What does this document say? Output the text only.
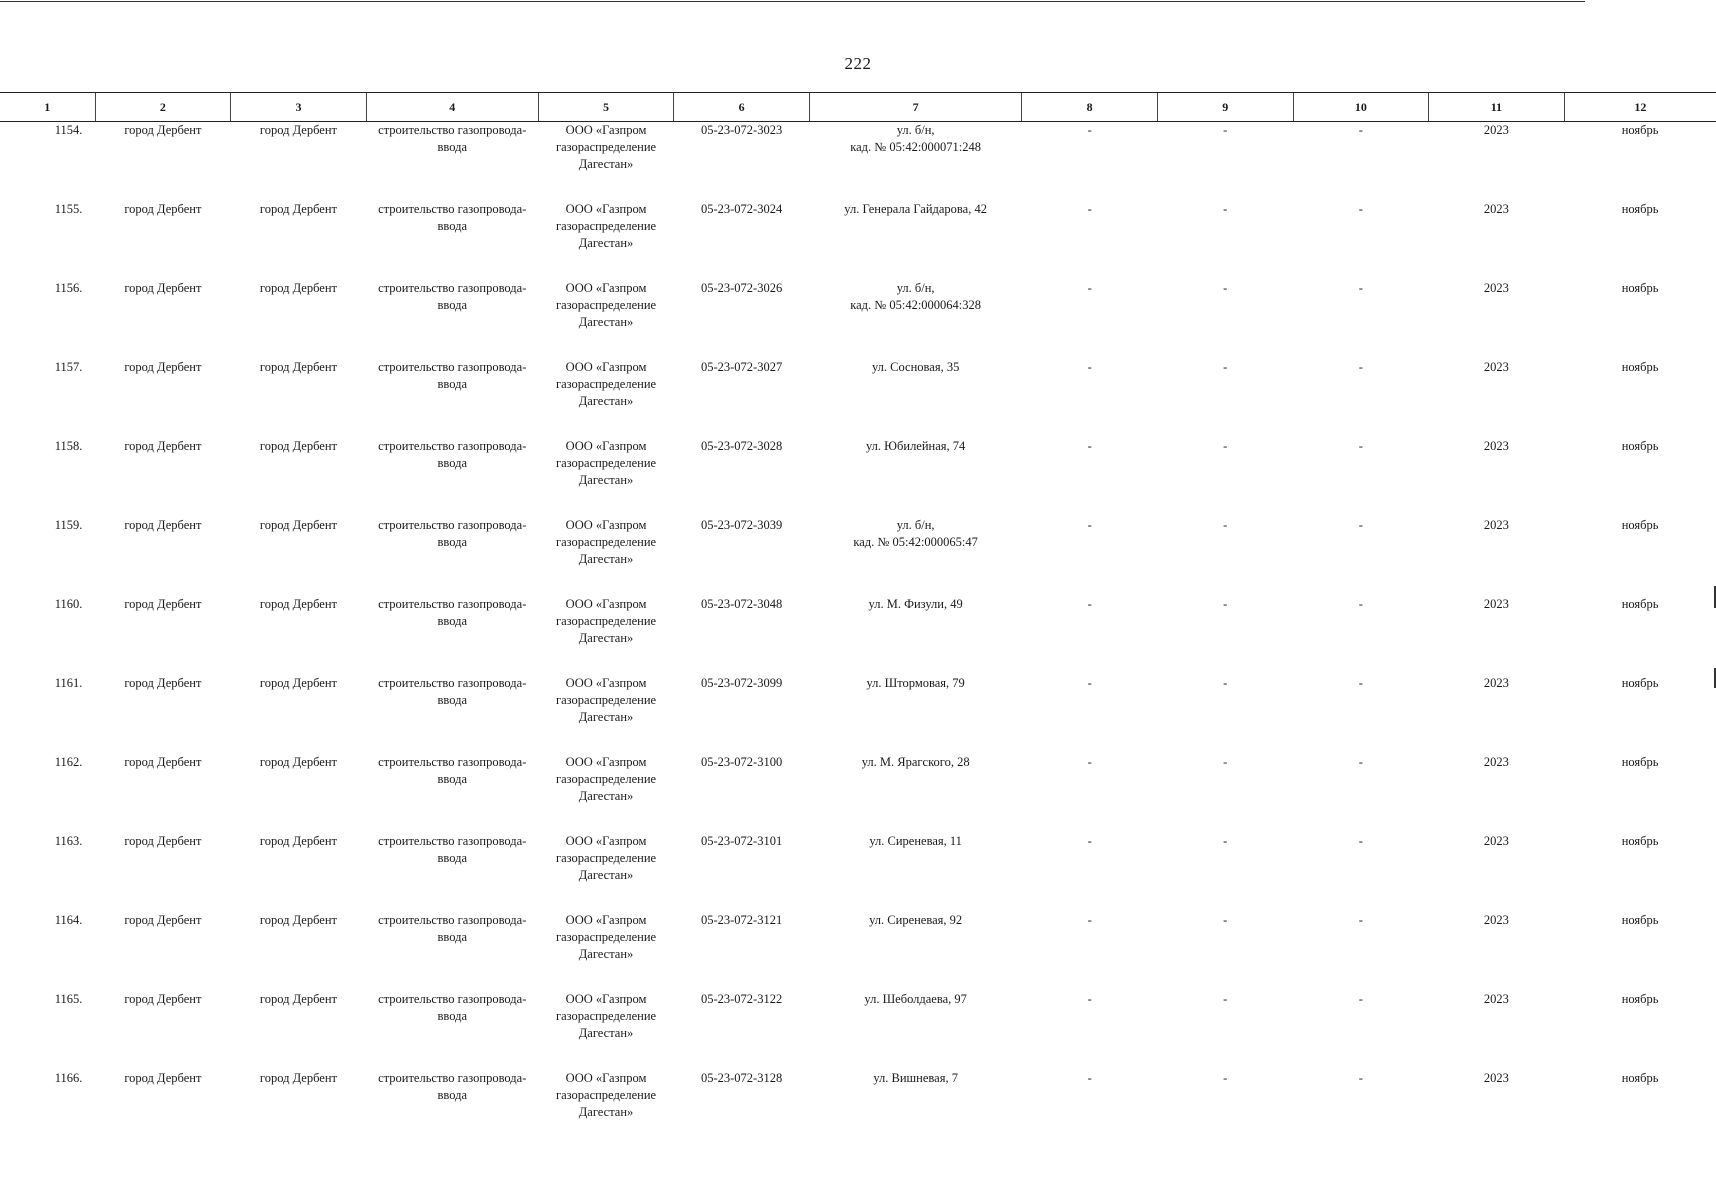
222
1	2	3	4	5	6	7	8	9	10	11	12
1154.	город Дербент	город Дербент	строительство газопровода-
ввода	ООО «Газпром
газораспределение
Дагестан»	05-23-072-3023	ул. б/н,
кад. № 05:42:000071:248	-	-	-	2023	ноябрь
1155.	город Дербент	город Дербент	строительство газопровода-
ввода	ООО «Газпром
газораспределение
Дагестан»	05-23-072-3024	ул. Генерала Гайдарова, 42	-	-	-	2023	ноябрь
1156.	город Дербент	город Дербент	строительство газопровода-
ввода	ООО «Газпром
газораспределение
Дагестан»	05-23-072-3026	ул. б/н,
кад. № 05:42:000064:328	-	-	-	2023	ноябрь
1157.	город Дербент	город Дербент	строительство газопровода-
ввода	ООО «Газпром
газораспределение
Дагестан»	05-23-072-3027	ул. Сосновая, 35	-	-	-	2023	ноябрь
1158.	город Дербент	город Дербент	строительство газопровода-
ввода	ООО «Газпром
газораспределение
Дагестан»	05-23-072-3028	ул. Юбилейная, 74	-	-	-	2023	ноябрь
1159.	город Дербент	город Дербент	строительство газопровода-
ввода	ООО «Газпром
газораспределение
Дагестан»	05-23-072-3039	ул. б/н,
кад. № 05:42:000065:47	-	-	-	2023	ноябрь
1160.	город Дербент	город Дербент	строительство газопровода-
ввода	ООО «Газпром
газораспределение
Дагестан»	05-23-072-3048	ул. М. Физули, 49	-	-	-	2023	ноябрь
1161.	город Дербент	город Дербент	строительство газопровода-
ввода	ООО «Газпром
газораспределение
Дагестан»	05-23-072-3099	ул. Штормовая, 79	-	-	-	2023	ноябрь
1162.	город Дербент	город Дербент	строительство газопровода-
ввода	ООО «Газпром
газораспределение
Дагестан»	05-23-072-3100	ул. М. Ярагского, 28	-	-	-	2023	ноябрь
1163.	город Дербент	город Дербент	строительство газопровода-
ввода	ООО «Газпром
газораспределение
Дагестан»	05-23-072-3101	ул. Сиреневая, 11	-	-	-	2023	ноябрь
1164.	город Дербент	город Дербент	строительство газопровода-
ввода	ООО «Газпром
газораспределение
Дагестан»	05-23-072-3121	ул. Сиреневая, 92	-	-	-	2023	ноябрь
1165.	город Дербент	город Дербент	строительство газопровода-
ввода	ООО «Газпром
газораспределение
Дагестан»	05-23-072-3122	ул. Шеболдаева, 97	-	-	-	2023	ноябрь
1166.	город Дербент	город Дербент	строительство газопровода-
ввода	ООО «Газпром
газораспределение
Дагестан»	05-23-072-3128	ул. Вишневая, 7	-	-	-	2023	ноябрь
